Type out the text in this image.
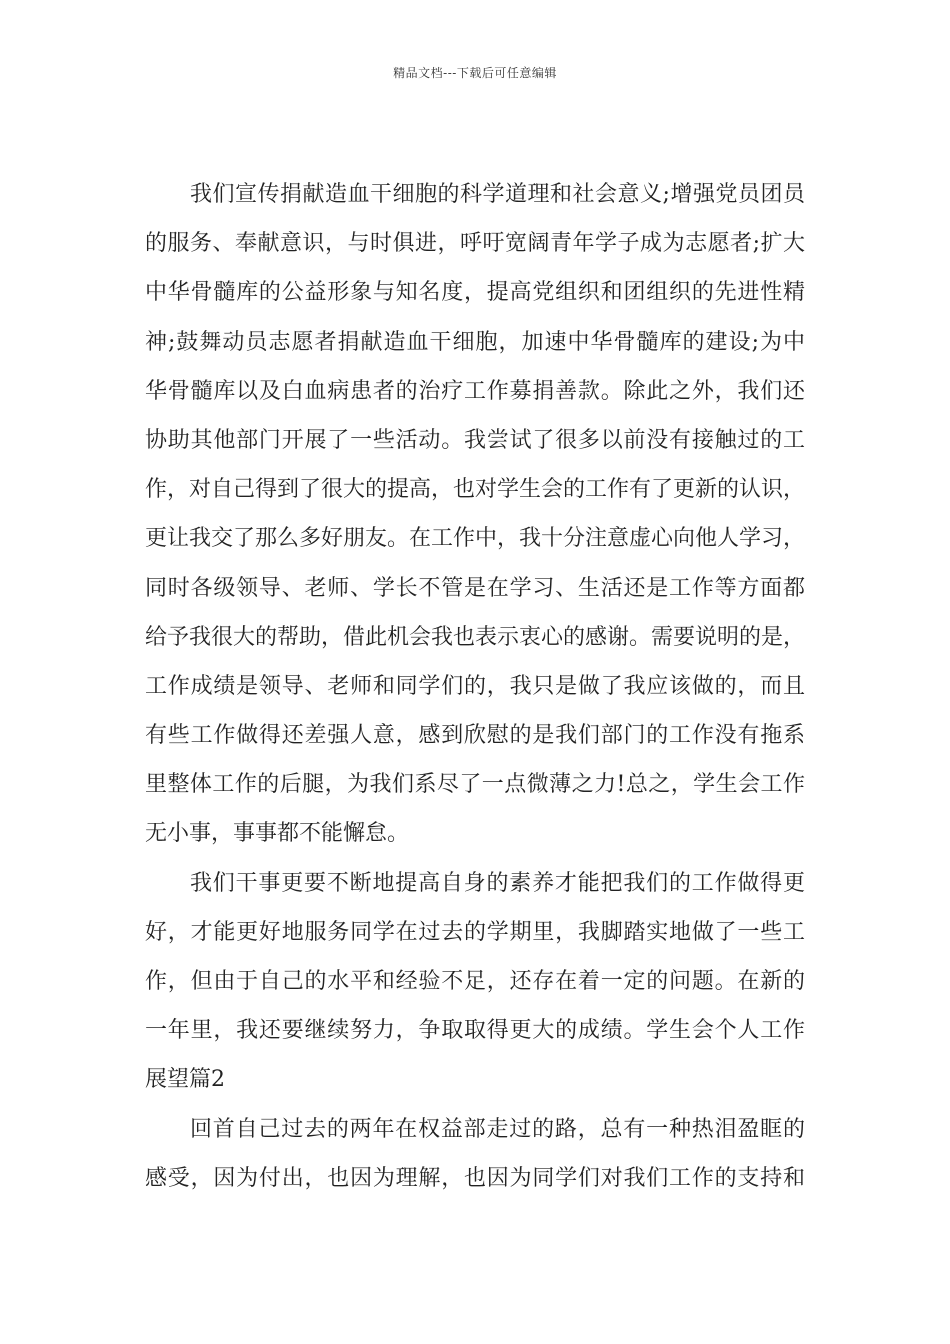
精品文档---下载后可任意编辑
我们宣传捐献造血干细胞的科学道理和社会意义;增强党员团员
的服务、奉献意识，与时俱进，呼吁宽阔青年学子成为志愿者;扩大
中华骨髓库的公益形象与知名度，提高党组织和团组织的先进性精
神;鼓舞动员志愿者捐献造血干细胞，加速中华骨髓库的建设;为中
华骨髓库以及白血病患者的治疗工作募捐善款。除此之外，我们还
协助其他部门开展了一些活动。我尝试了很多以前没有接触过的工
作，对自己得到了很大的提高，也对学生会的工作有了更新的认识，
更让我交了那么多好朋友。在工作中，我十分注意虚心向他人学习，
同时各级领导、老师、学长不管是在学习、生活还是工作等方面都
给予我很大的帮助，借此机会我也表示衷心的感谢。需要说明的是，
工作成绩是领导、老师和同学们的，我只是做了我应该做的，而且
有些工作做得还差强人意，感到欣慰的是我们部门的工作没有拖系
里整体工作的后腿，为我们系尽了一点微薄之力!总之，学生会工作
无小事，事事都不能懈怠。
我们干事更要不断地提高自身的素养才能把我们的工作做得更
好，才能更好地服务同学在过去的学期里，我脚踏实地做了一些工
作，但由于自己的水平和经验不足，还存在着一定的问题。在新的
一年里，我还要继续努力，争取取得更大的成绩。学生会个人工作
展望篇2
回首自己过去的两年在权益部走过的路，总有一种热泪盈眶的
感受，因为付出，也因为理解，也因为同学们对我们工作的支持和
